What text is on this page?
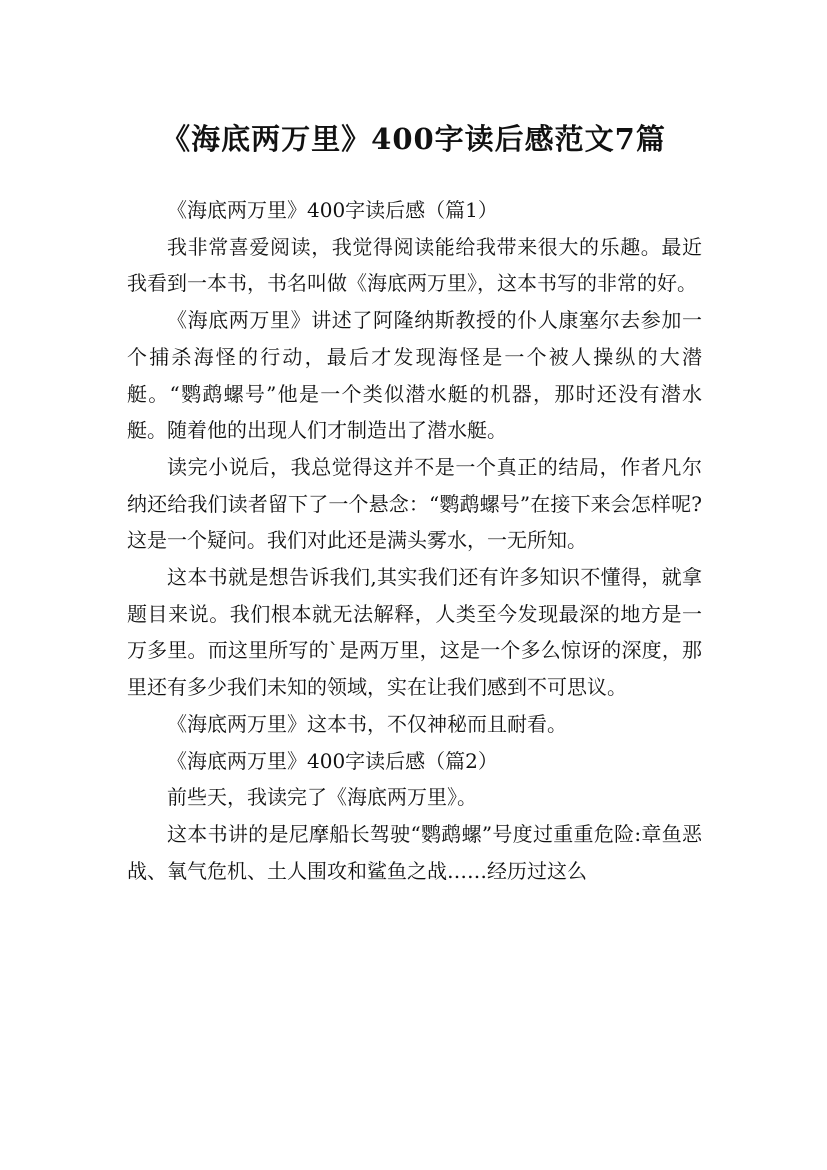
《海底两万里》400字读后感范文7篇

《海底两万里》400字读后感（篇1）

我非常喜爱阅读，我觉得阅读能给我带来很大的乐趣。最近我看到一本书，书名叫做《海底两万里》，这本书写的非常的好。

《海底两万里》讲述了阿隆纳斯教授的仆人康塞尔去参加一个捕杀海怪的行动，最后才发现海怪是一个被人操纵的大潜艇。“鹦鹉螺号”他是一个类似潜水艇的机器，那时还没有潜水艇。随着他的出现人们才制造出了潜水艇。

读完小说后，我总觉得这并不是一个真正的结局，作者凡尔纳还给我们读者留下了一个悬念：“鹦鹉螺号”在接下来会怎样呢?这是一个疑问。我们对此还是满头雾水，一无所知。

这本书就是想告诉我们,其实我们还有许多知识不懂得，就拿题目来说。我们根本就无法解释，人类至今发现最深的地方是一万多里。而这里所写的`是两万里，这是一个多么惊讶的深度，那里还有多少我们未知的领域，实在让我们感到不可思议。

《海底两万里》这本书，不仅神秘而且耐看。

《海底两万里》400字读后感（篇2）

前些天，我读完了《海底两万里》。

这本书讲的是尼摩船长驾驶“鹦鹉螺”号度过重重危险:章鱼恶战、氧气危机、土人围攻和鲨鱼之战……经历过这么
